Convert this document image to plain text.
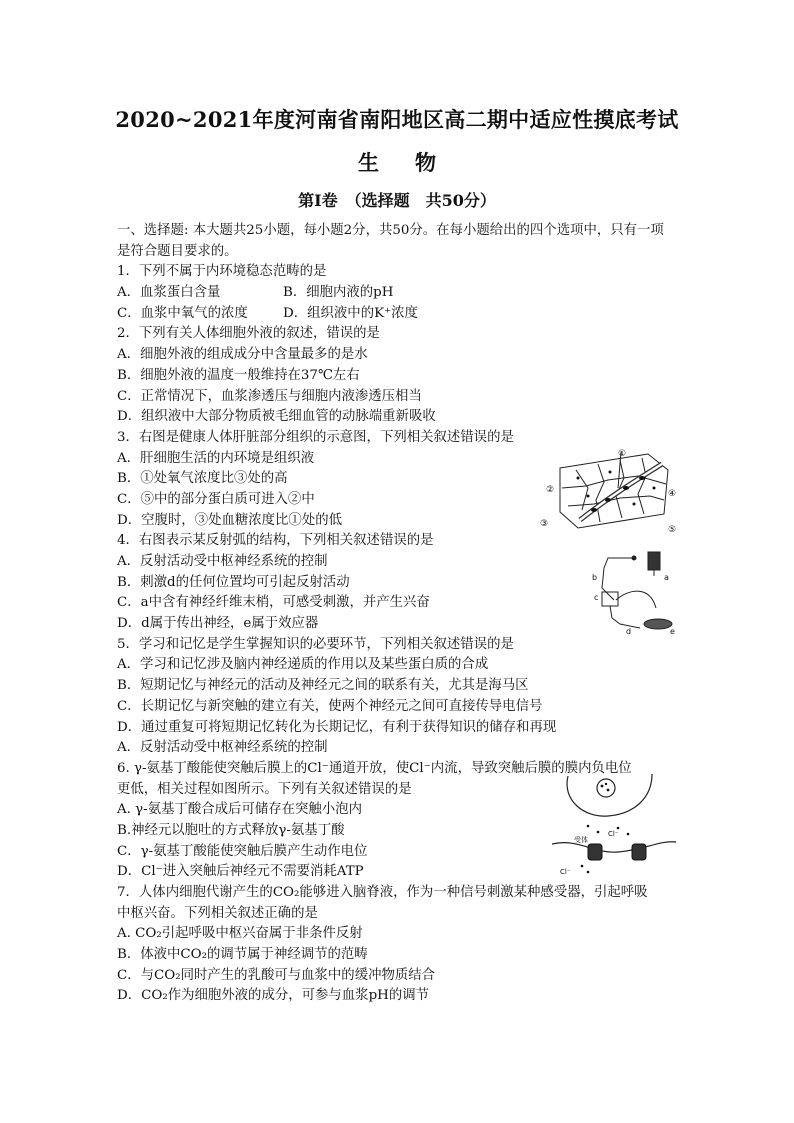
2020~2021年度河南省南阳地区高二期中适应性摸底考试
生物
第Ⅰ卷　（选择题　共50分）
一、选择题: 本大题共25小题，每小题2分，共50分。在每小题给出的四个选项中，只有一项是符合题目要求的。
1．下列不属于内环境稳态范畴的是
A．血浆蛋白含量	B．细胞内液的pH
C．血浆中氧气的浓度	D．组织液中的K⁺浓度
2．下列有关人体细胞外液的叙述，错误的是
A．细胞外液的组成成分中含量最多的是水
B．细胞外液的温度一般维持在37℃左右
C．正常情况下，血浆渗透压与细胞内液渗透压相当
D．组织液中大部分物质被毛细血管的动脉端重新吸收
3．右图是健康人体肝脏部分组织的示意图，下列相关叙述错误的是
A．肝细胞生活的内环境是组织液
B．①处氧气浓度比③处的高
C．⑤中的部分蛋白质可进入②中
D．空腹时，③处血糖浓度比①处的低
4．右图表示某反射弧的结构，下列相关叙述错误的是
A．反射活动受中枢神经系统的控制
B．刺激d的任何位置均可引起反射活动
C．a中含有神经纤维末梢，可感受刺激，并产生兴奋
D．d属于传出神经，e属于效应器
5．学习和记忆是学生掌握知识的必要环节，下列相关叙述错误的是
A．学习和记忆涉及脑内神经递质的作用以及某些蛋白质的合成
B．短期记忆与神经元的活动及神经元之间的联系有关，尤其是海马区
C．长期记忆与新突触的建立有关，使两个神经元之间可直接传导电信号
D．通过重复可将短期记忆转化为长期记忆，有利于获得知识的储存和再现
A．反射活动受中枢神经系统的控制
6. γ-氨基丁酸能使突触后膜上的Cl⁻通道开放，使Cl⁻内流，导致突触后膜的膜内负电位
更低，相关过程如图所示。下列有关叙述错误的是
A. γ-氨基丁酸合成后可储存在突触小泡内
B.神经元以胞吐的方式释放γ-氨基丁酸
C．γ-氨基丁酸能使突触后膜产生动作电位
D．Cl⁻进入突触后神经元不需要消耗ATP
7．人体内细胞代谢产生的CO₂能够进入脑脊液，作为一种信号刺激某种感受器，引起呼吸
中枢兴奋。下列相关叙述正确的是
A. CO₂引起呼吸中枢兴奋属于非条件反射
B．体液中CO₂的调节属于神经调节的范畴
C．与CO₂同时产生的乳酸可与血浆中的缓冲物质结合
D．CO₂作为细胞外液的成分，可参与血浆pH的调节
①
②
③
④
⑤
a
b
c
d	e
Cl⁻
受体
Cl⁻
